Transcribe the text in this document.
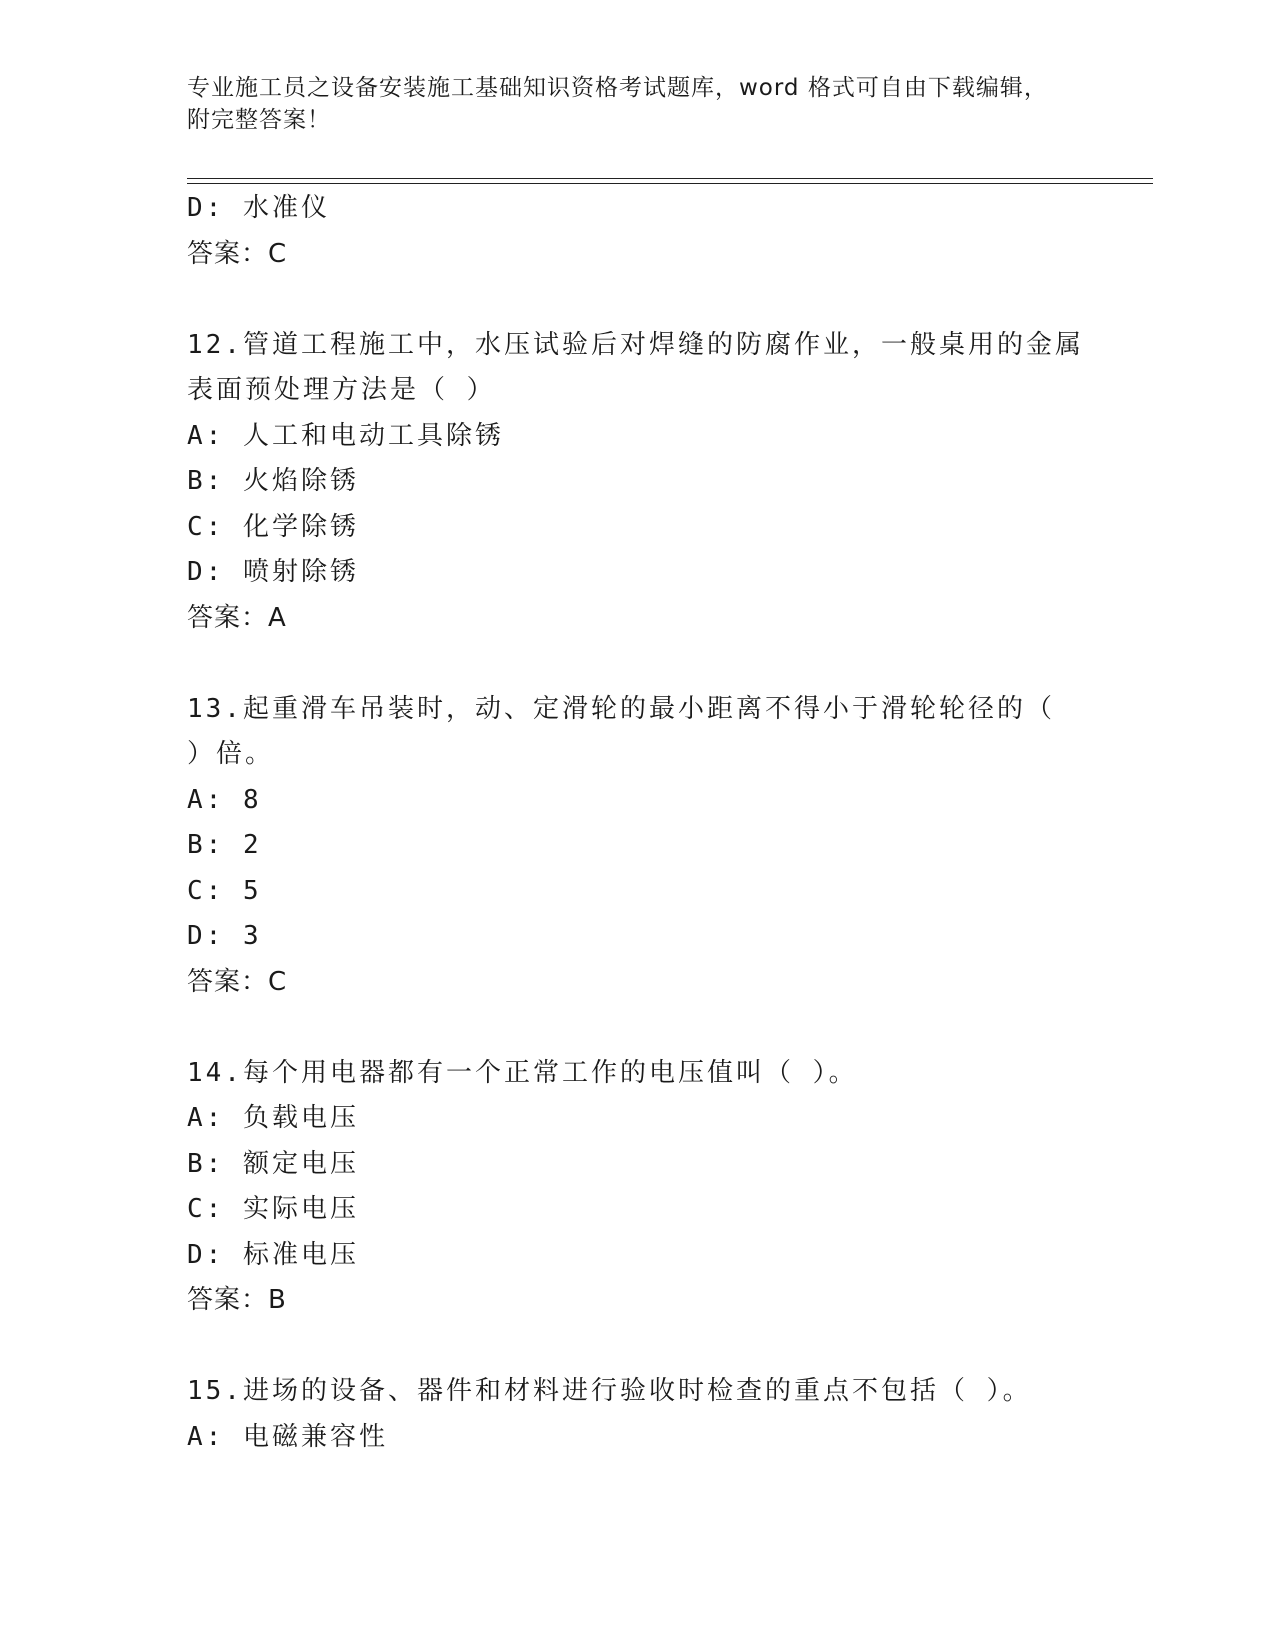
专业施工员之设备安装施工基础知识资格考试题库，word 格式可自由下载编辑，
附完整答案！
D: 水准仪
答案：C
12.管道工程施工中，水压试验后对焊缝的防腐作业，一般桌用的金属
表面预处理方法是（ ）
A: 人工和电动工具除锈
B: 火焰除锈
C: 化学除锈
D: 喷射除锈
答案：A
13.起重滑车吊装时，动、定滑轮的最小距离不得小于滑轮轮径的（
）倍。
A: 8
B: 2
C: 5
D: 3
答案：C
14.每个用电器都有一个正常工作的电压值叫（ ）。
A: 负载电压
B: 额定电压
C: 实际电压
D: 标准电压
答案：B
15.进场的设备、器件和材料进行验收时检查的重点不包括（ ）。
A: 电磁兼容性
